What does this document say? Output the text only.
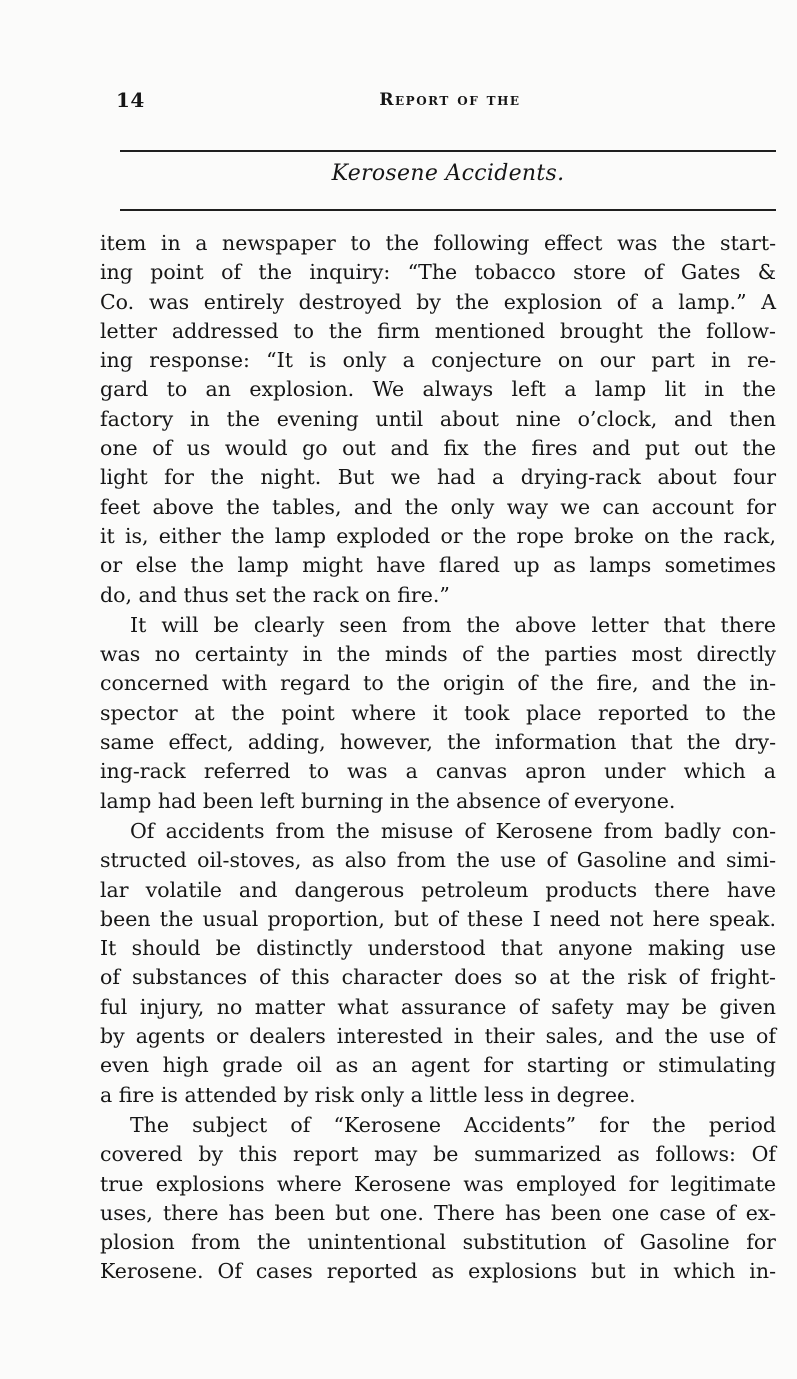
14	Report of the
Kerosene Accidents.
item in a newspaper to the following effect was the start-
ing point of the inquiry: “The tobacco store of Gates &
Co. was entirely destroyed by the explosion of a lamp.” A
letter addressed to the firm mentioned brought the follow-
ing response: “It is only a conjecture on our part in re-
gard to an explosion. We always left a lamp lit in the
factory in the evening until about nine o’clock, and then
one of us would go out and fix the fires and put out the
light for the night. But we had a drying-rack about four
feet above the tables, and the only way we can account for
it is, either the lamp exploded or the rope broke on the rack,
or else the lamp might have flared up as lamps sometimes
do, and thus set the rack on fire.”
It will be clearly seen from the above letter that there
was no certainty in the minds of the parties most directly
concerned with regard to the origin of the fire, and the in-
spector at the point where it took place reported to the
same effect, adding, however, the information that the dry-
ing-rack referred to was a canvas apron under which a
lamp had been left burning in the absence of everyone.
Of accidents from the misuse of Kerosene from badly con-
structed oil-stoves, as also from the use of Gasoline and simi-
lar volatile and dangerous petroleum products there have
been the usual proportion, but of these I need not here speak.
It should be distinctly understood that anyone making use
of substances of this character does so at the risk of fright-
ful injury, no matter what assurance of safety may be given
by agents or dealers interested in their sales, and the use of
even high grade oil as an agent for starting or stimulating
a fire is attended by risk only a little less in degree.
The subject of “Kerosene Accidents” for the period
covered by this report may be summarized as follows: Of
true explosions where Kerosene was employed for legitimate
uses, there has been but one. There has been one case of ex-
plosion from the unintentional substitution of Gasoline for
Kerosene. Of cases reported as explosions but in which in-
